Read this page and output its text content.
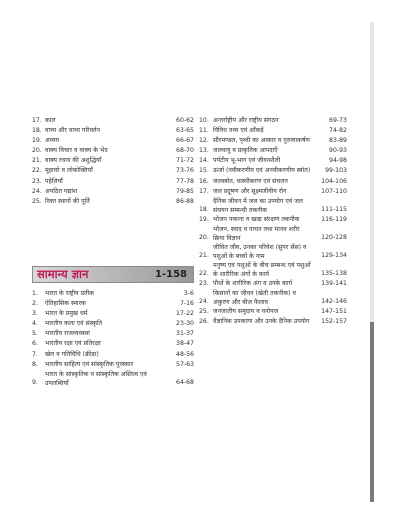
17. काल	60-62
18. वाच्य और वाच्य परिवर्तन	63-65
19. अव्यय	66-67
20. वाक्य विचार व वाक्य के भेद	68-70
21. वाक्य रचना की अशुद्धियाँ	71-72
22. मुहावरे व लोकोक्तियाँ	73-76
23. पहेलियाँ	77-78
24. अपठित गद्यांश	79-85
25. रिक्त स्थानों की पूर्ति	86-88
सामान्य ज्ञान	1-158
1.	भारत के राष्ट्रीय प्रतीक	3-6
2.	ऐतिहासिक स्मारक	7-16
3.	भारत के प्रमुख धर्म	17-22
4.	भारतीय कला एवं संस्कृति	23-30
5.	भारतीय राजव्यवस्था	31-37
6.	भारतीय रक्षा एवं प्रतिरक्षा	38-47
7.	खेल व गतिविधि (क्रीडा)	48-56
8.	भारतीय साहित्य एवं सांस्कृतिक पुरस्कार	57-63
9.
भारत के सांस्कृतिक व सांस्कृतिक अस्तित्व एवं उपलब्धियाँ	64-68
10. अन्तर्राष्ट्रीय और राष्ट्रीय संगठन	69-73
11. विविध तथ्य एवं आँकड़ें	74-82
12. सौरमण्डल, पृथ्वी का आकार व गुरुत्वाकर्षण	83-89
13. जलवायु व प्राकृतिक आपदाएँ	90-93
14. पर्यटीय भू-भाग एवं जीवनशैली	94-98
15. ऊर्जा (नवीकरणीय एवं अनवीकरणीय स्त्रोत)	99-103
16. जलस्त्रोत, वास्थीकरण एवं संचलन	104-106
17. जल प्रदूषण और सूक्ष्मजीवीय रोग	107-110
18.
दैनिक जीवन में जल का उपयोग एवं जल संचयन सम्बन्धी तकनीक	111-115
19. भोजन पकाना व खाद्य संरक्षण तकनीक	116-119
20.
भोजन, स्वाद व पाचन तथा मानव शरीर क्रिया विज्ञान	120-128
21.
जीवित जीव, उनका परिवेश (सुपर सेंस) व पशुओं के बच्चों के नाम	129-134
22.
मनुष्य एवं पशुओं के बीच सम्बन्ध एवं पशुओं के शारीरिक अंगों के कार्य	135-138
23. पौधों के शारीरिक अंग व उनके कार्य	139-141
24.
किसानों का जीवन (खेती तकनीक) व अंकुरण और बीज फैलाव	142-146
25. जनजातीय समुदाय व वनोपज	147-151
26. वैज्ञानिक उपकरण और उनके दैनिक उपयोग	152-157
